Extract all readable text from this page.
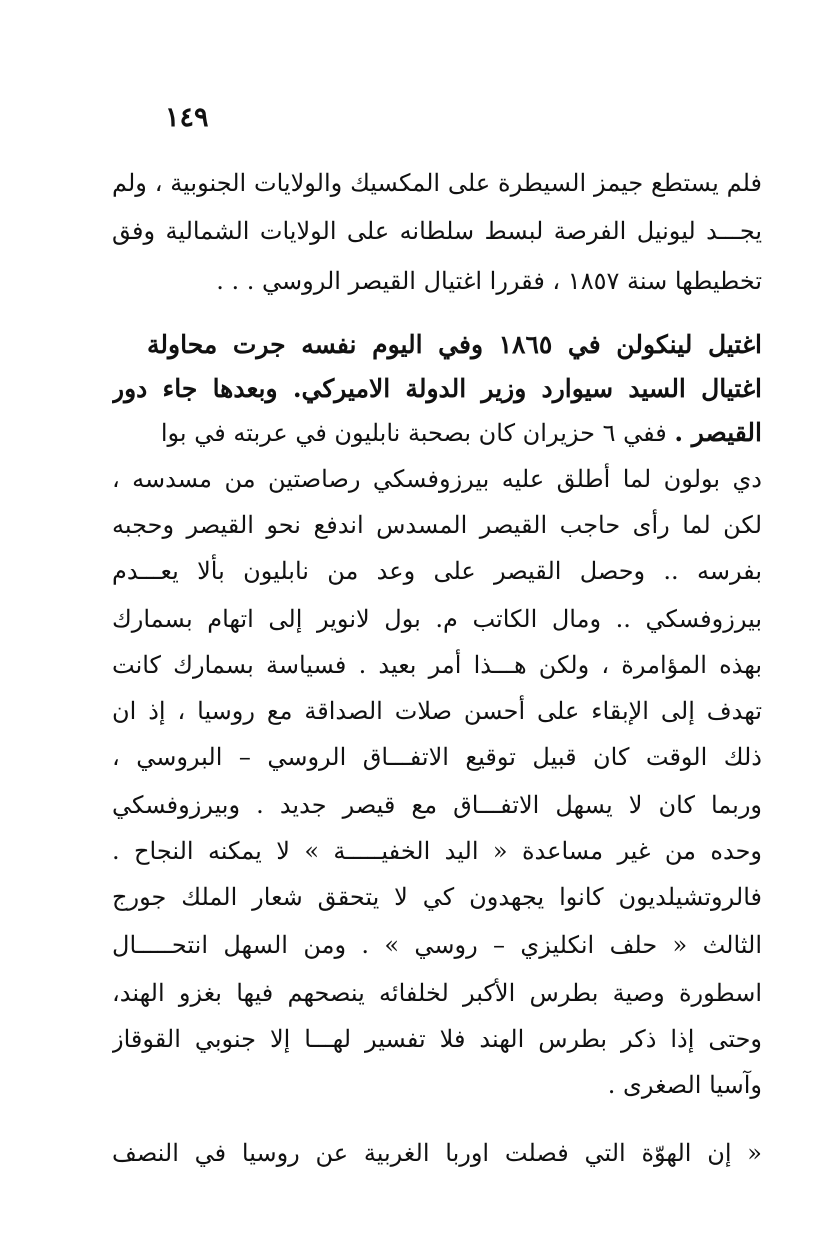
١٤٩
فلم يستطع جيمز السيطرة على المكسيك والولايات الجنوبية ، ولم
يجـــد ليونيل الفرصة لبسط سلطانه على الولايات الشمالية وفق
تخطيطها سنة ١٨٥٧ ، فقررا اغتيال القيصر الروسي . . .
اغتيل لينكولن في ١٨٦٥ وفي اليوم نفسه جرت محاولة
اغتيال السيد سيوارد وزير الدولة الاميركي. وبعدها جاء دور
القيصر . ففي ٦ حزيران كان بصحبة نابليون في عربته في بوا
دي بولون لما أطلق عليه بيرزوفسكي رصاصتين من مسدسه ،
لكن لما رأى حاجب القيصر المسدس اندفع نحو القيصر وحجبه
بفرسه .. وحصل القيصر على وعد من نابليون بألا يعـــدم
بيرزوفسكي .. ومال الكاتب م. بول لانوير إلى اتهام بسمارك
بهذه المؤامرة ، ولكن هـــذا أمر بعيد . فسياسة بسمارك كانت
تهدف إلى الإبقاء على أحسن صلات الصداقة مع روسيا ، إذ ان
ذلك الوقت كان قبيل توقيع الاتفـــاق الروسي – البروسي ،
وربما كان لا يسهل الاتفـــاق مع قيصر جديد . وبيرزوفسكي
وحده من غير مساعدة « اليد الخفيـــــة » لا يمكنه النجاح .
فالروتشيلديون كانوا يجهدون كي لا يتحقق شعار الملك جورج
الثالث « حلف انكليزي – روسي » . ومن السهل انتحـــــال
اسطورة وصية بطرس الأكبر لخلفائه ينصحهم فيها بغزو الهند،
وحتى إذا ذكر بطرس الهند فلا تفسير لهـــا إلا جنوبي القوقاز
وآسيا الصغرى .
« إن الهوّة التي فصلت اوربا الغربية عن روسيا في النصف
